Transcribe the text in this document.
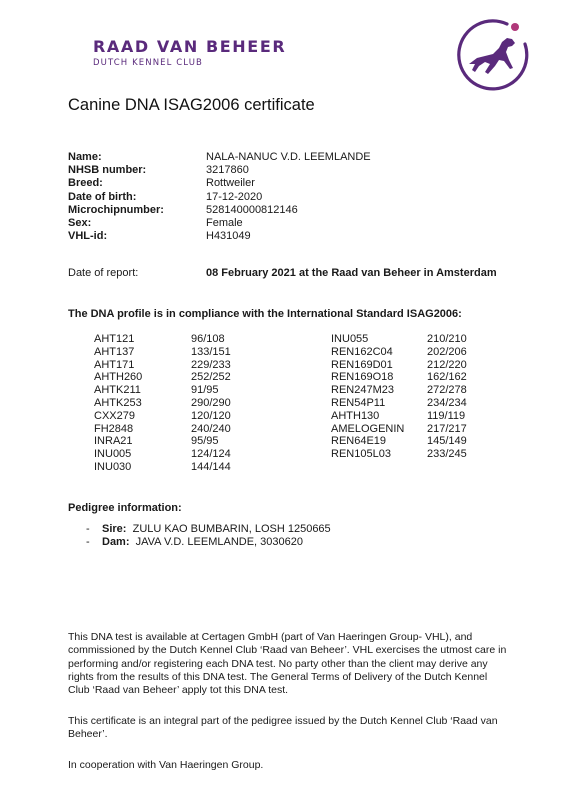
RAAD VAN BEHEER
DUTCH KENNEL CLUB
Canine DNA ISAG2006 certificate
Name:	NALA-NANUC V.D. LEEMLANDE
NHSB number:	3217860
Breed:	Rottweiler
Date of birth:	17-12-2020
Microchipnumber:	528140000812146
Sex:	Female
VHL-id:	H431049
Date of report:	08 February 2021 at the Raad van Beheer in Amsterdam
The DNA profile is in compliance with the International Standard ISAG2006:
AHT121	96/108
AHT137	133/151
AHT171	229/233
AHTH260	252/252
AHTK211	91/95
AHTK253	290/290
CXX279	120/120
FH2848	240/240
INRA21	95/95
INU005	124/124
INU030	144/144
INU055	210/210
REN162C04	202/206
REN169D01	212/220
REN169O18	162/162
REN247M23	272/278
REN54P11	234/234
AHTH130	119/119
AMELOGENIN 217/217
REN64E19	145/149
REN105L03	233/245
Pedigree information:
- Sire: ZULU KAO BUMBARIN, LOSH 1250665
- Dam: JAVA V.D. LEEMLANDE, 3030620
This DNA test is available at Certagen GmbH (part of Van Haeringen Group- VHL), and commissioned by the Dutch Kennel Club ‘Raad van Beheer’. VHL exercises the utmost care in performing and/or registering each DNA test. No party other than the client may derive any rights from the results of this DNA test. The General Terms of Delivery of the Dutch Kennel Club ‘Raad van Beheer’ apply tot this DNA test.
This certificate is an integral part of the pedigree issued by the Dutch Kennel Club ‘Raad van Beheer’.
In cooperation with Van Haeringen Group.
